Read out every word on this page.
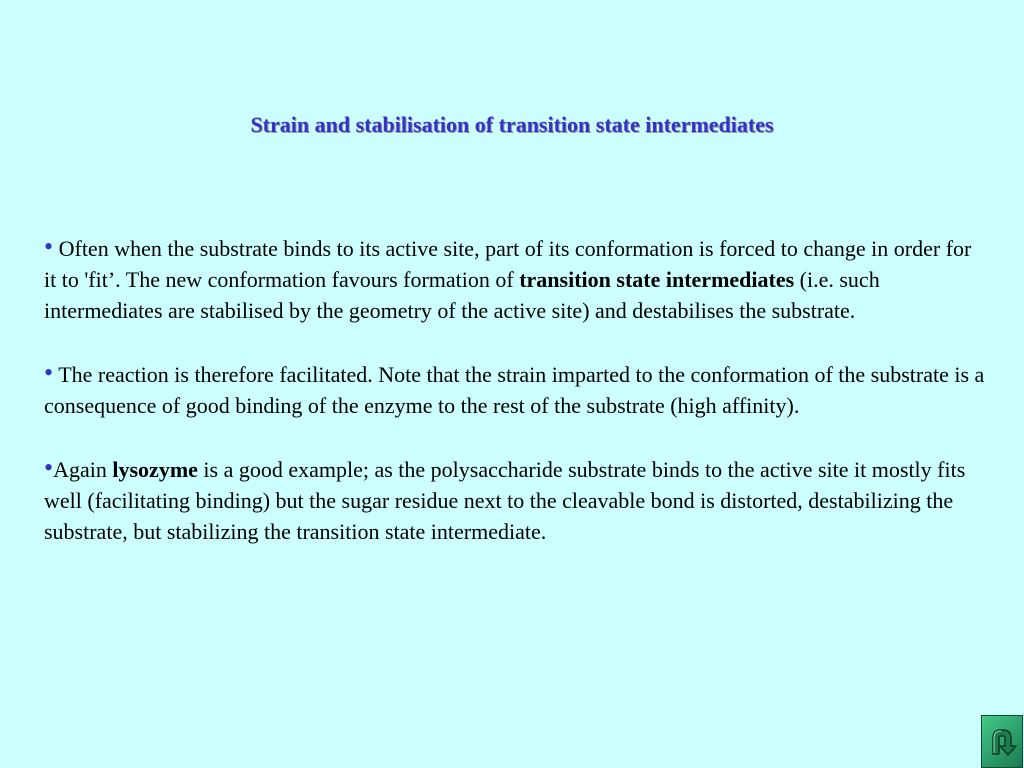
Strain and stabilisation of transition state intermediates

• Often when the substrate binds to its active site, part of its conformation is forced to change in order for it to 'fit’. The new conformation favours formation of transition state intermediates (i.e. such intermediates are stabilised by the geometry of the active site) and destabilises the substrate.

• The reaction is therefore facilitated. Note that the strain imparted to the conformation of the substrate is a consequence of good binding of the enzyme to the rest of the substrate (high affinity).

•Again lysozyme is a good example; as the polysaccharide substrate binds to the active site it mostly fits well (facilitating binding) but the sugar residue next to the cleavable bond is distorted, destabilizing the substrate, but stabilizing the transition state intermediate.
